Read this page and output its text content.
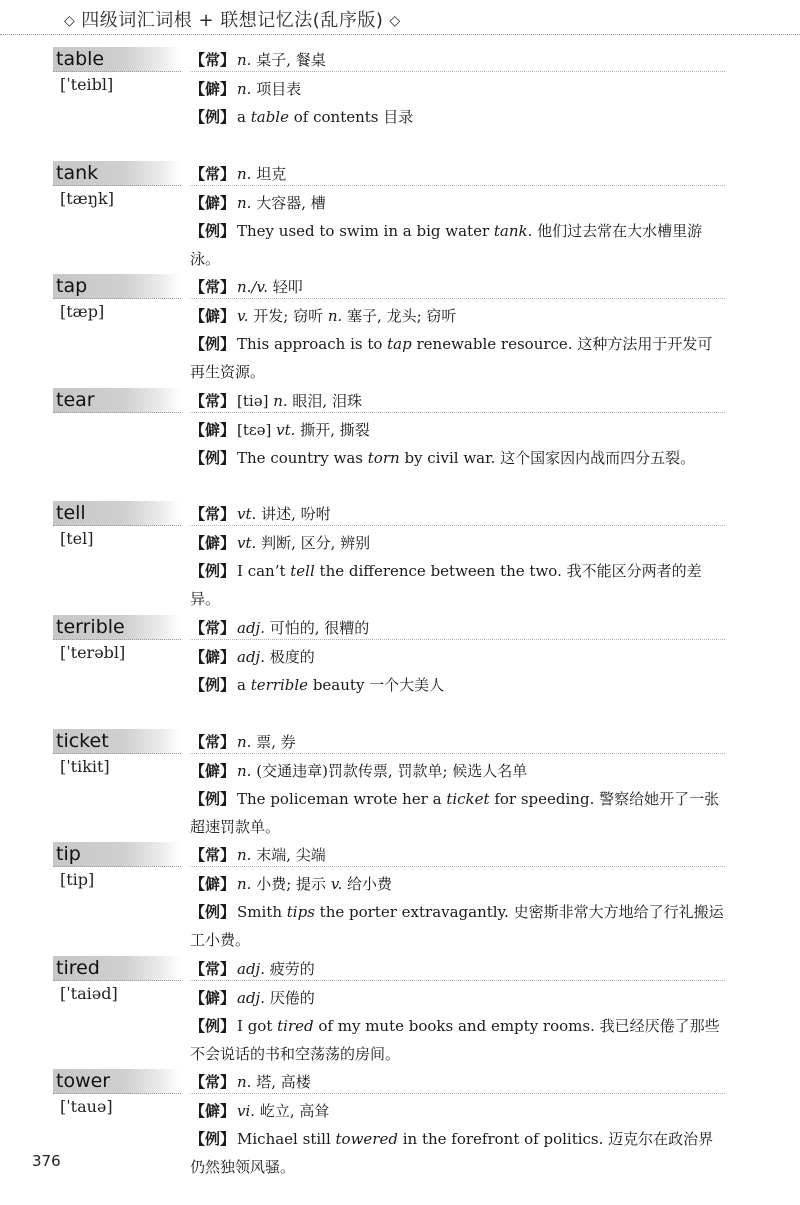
◇ 四级词汇词根 + 联想记忆法(乱序版) ◇
table
[ˈteibl]
【常】 n. 桌子, 餐桌
【僻】 n. 项目表
【例】 a table of contents 目录
tank
[tæŋk]
【常】 n. 坦克
【僻】 n. 大容器, 槽
【例】 They used to swim in a big water tank. 他们过去常在大水槽里游泳。
tap
[tæp]
【常】 n./v. 轻叩
【僻】 v. 开发; 窃听 n. 塞子, 龙头; 窃听
【例】 This approach is to tap renewable resource. 这种方法用于开发可再生资源。
tear	【常】 [tiə] n. 眼泪, 泪珠
【僻】 [tɛə] vt. 撕开, 撕裂
【例】 The country was torn by civil war. 这个国家因内战而四分五裂。
tell
[tel]
【常】 vt. 讲述, 吩咐
【僻】 vt. 判断, 区分, 辨别
【例】 I can’t tell the difference between the two. 我不能区分两者的差异。
terrible
[ˈterəbl]
【常】 adj. 可怕的, 很糟的
【僻】 adj. 极度的
【例】 a terrible beauty 一个大美人
ticket
[ˈtikit]
【常】 n. 票, 券
【僻】 n. (交通违章)罚款传票, 罚款单; 候选人名单
【例】 The policeman wrote her a ticket for speeding. 警察给她开了一张超速罚款单。
tip
[tip]
【常】 n. 末端, 尖端
【僻】 n. 小费; 提示 v. 给小费
【例】 Smith tips the porter extravagantly. 史密斯非常大方地给了行礼搬运工小费。
tired
[ˈtaiəd]
【常】 adj. 疲劳的
【僻】 adj. 厌倦的
【例】 I got tired of my mute books and empty rooms. 我已经厌倦了那些不会说话的书和空荡荡的房间。
tower
[ˈtauə]
【常】 n. 塔, 高楼
【僻】 vi. 屹立, 高耸
【例】 Michael still towered in the forefront of politics. 迈克尔在政治界仍然独领风骚。
376
